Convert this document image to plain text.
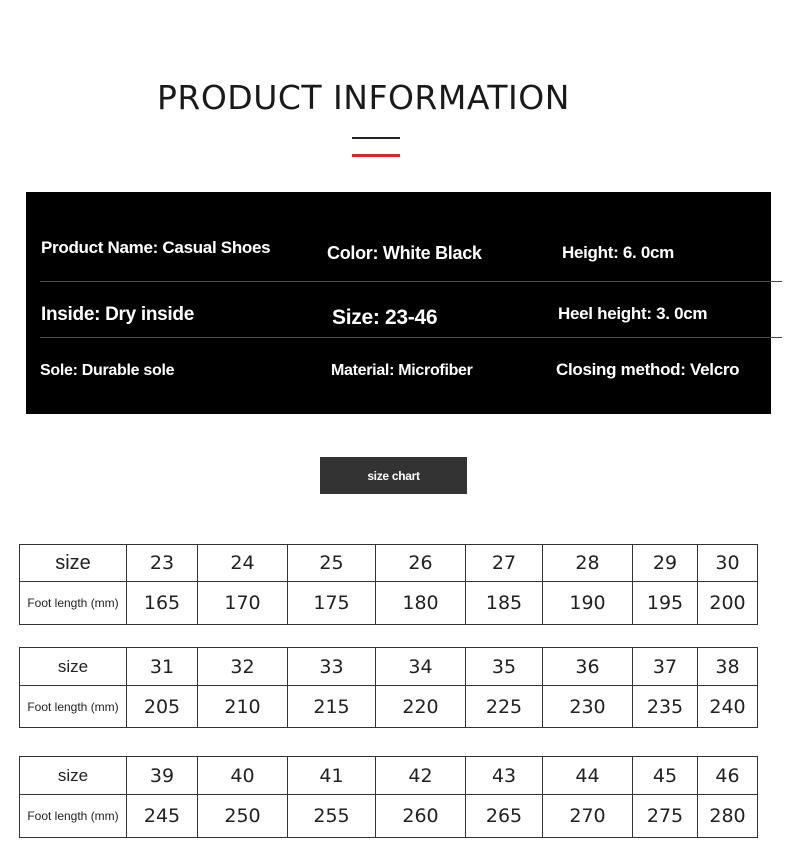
PRODUCT INFORMATION
Product Name: Casual Shoes	Color: White Black	Height: 6. 0cm
Inside: Dry inside	Size: 23-46	Heel height: 3. 0cm
Sole: Durable sole	Material: Microfiber	Closing method: Velcro
size chart
size	23	24	25	26	27	28	29	30
Foot length (mm)	165	170	175	180	185	190	195	200
size	31	32	33	34	35	36	37	38
Foot length (mm)	205	210	215	220	225	230	235	240
size	39	40	41	42	43	44	45	46
Foot length (mm)	245	250	255	260	265	270	275	280
